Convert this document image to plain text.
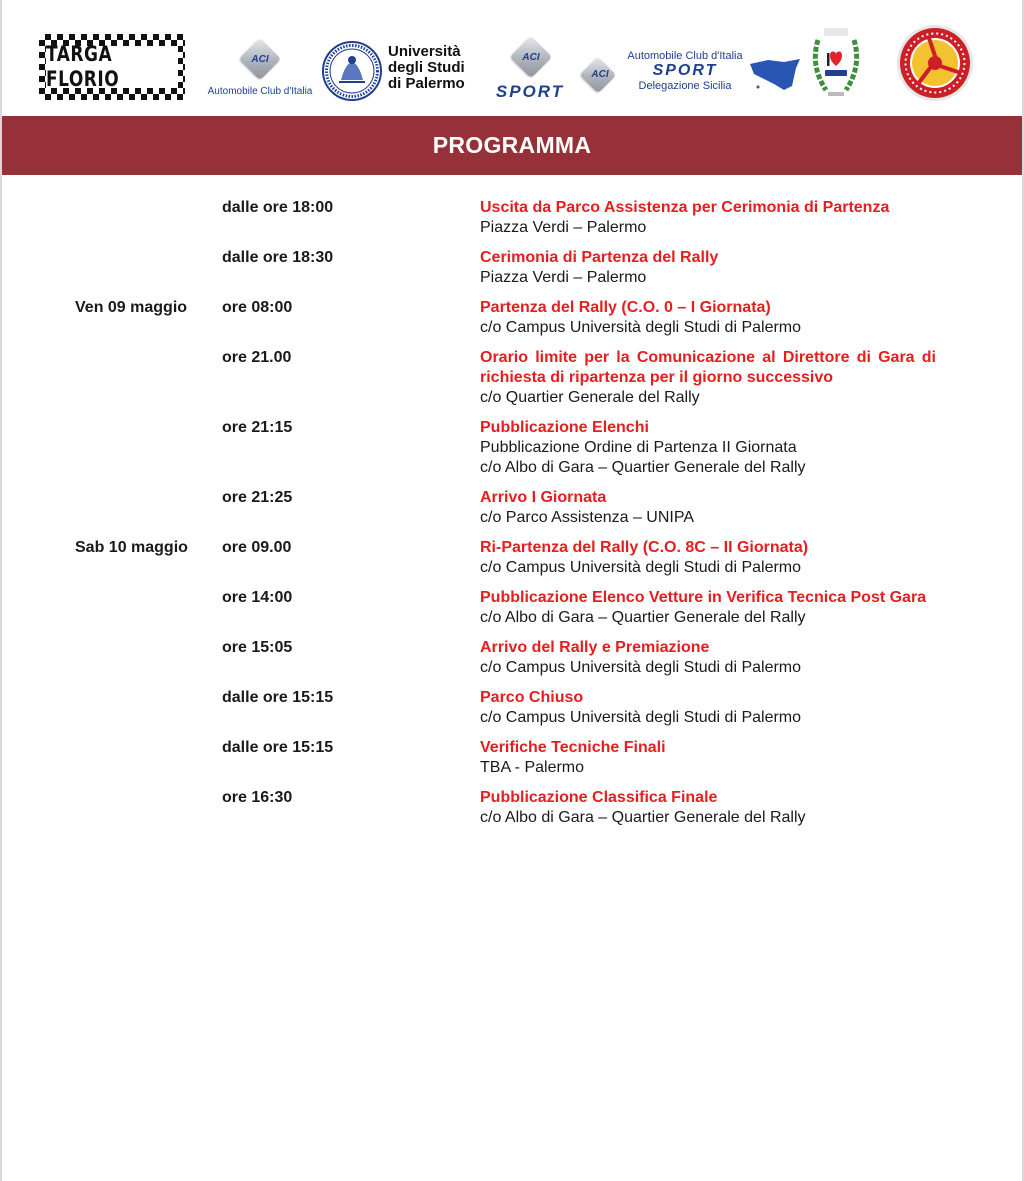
TARGA FLORIO
ACI
Automobile Club d'Italia
Università
degli Studi
di Palermo
ACI
SPORT
ACI
Automobile Club d'Italia
SPORT
Delegazione Sicilia
PROGRAMMA
dalle ore 18:00	Uscita da Parco Assistenza per Cerimonia di Partenza
Piazza Verdi – Palermo
dalle ore 18:30	Cerimonia di Partenza del Rally
Piazza Verdi – Palermo
Ven 09 maggio ore 08:00	Partenza del Rally (C.O. 0 – I Giornata)
c/o Campus Università degli Studi di Palermo
ore 21.00	Orario limite per la Comunicazione al Direttore di Gara di richiesta di ripartenza per il giorno successivo
c/o Quartier Generale del Rally
ore 21:15	Pubblicazione Elenchi
Pubblicazione Ordine di Partenza II Giornata
c/o Albo di Gara – Quartier Generale del Rally
ore 21:25	Arrivo I Giornata
c/o Parco Assistenza – UNIPA
Sab 10 maggio ore 09.00	Ri-Partenza del Rally (C.O. 8C – II Giornata)
c/o Campus Università degli Studi di Palermo
ore 14:00	Pubblicazione Elenco Vetture in Verifica Tecnica Post Gara
c/o Albo di Gara – Quartier Generale del Rally
ore 15:05	Arrivo del Rally e Premiazione
c/o Campus Università degli Studi di Palermo
dalle ore 15:15	Parco Chiuso
c/o Campus Università degli Studi di Palermo
dalle ore 15:15	Verifiche Tecniche Finali
TBA - Palermo
ore 16:30	Pubblicazione Classifica Finale
c/o Albo di Gara – Quartier Generale del Rally
